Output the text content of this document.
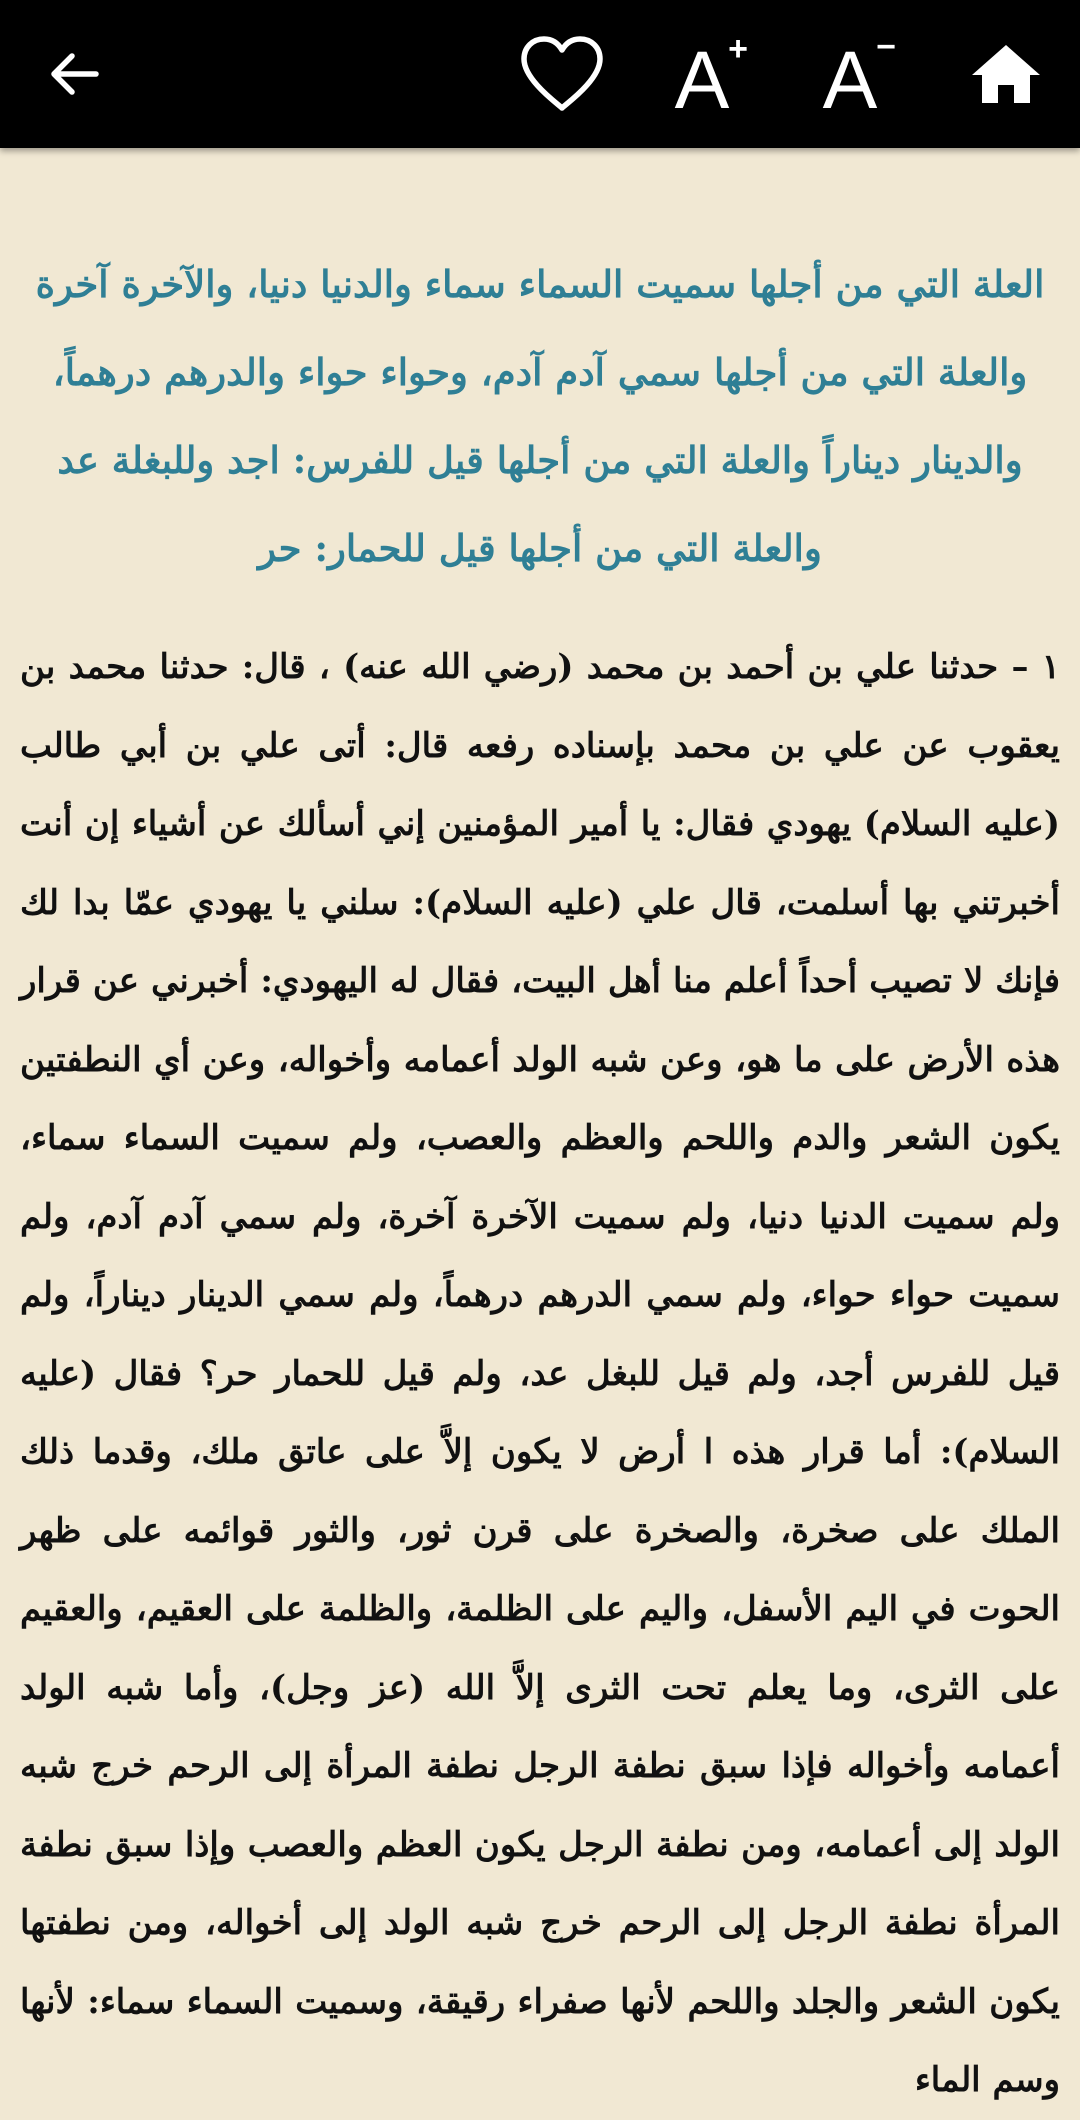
A
+ A
−
العلة التي من أجلها سميت السماء سماء والدنيا دنيا، والآخرة آخرة والعلة التي من أجلها سمي آدم آدم، وحواء حواء والدرهم درهماً، والدينار ديناراً والعلة التي من أجلها قيل للفرس: اجد وللبغلة عد والعلة التي من أجلها قيل للحمار: حر

١ – حدثنا علي بن أحمد بن محمد (رضي الله عنه) ، قال: حدثنا محمد بن يعقوب عن علي بن محمد بإسناده رفعه قال: أتى علي بن أبي طالب (عليه السلام) يهودي فقال: يا أمير المؤمنين إني أسألك عن أشياء إن أنت أخبرتني بها أسلمت، قال علي (عليه السلام): سلني يا يهودي عمّا بدا لك فإنك لا تصيب أحداً أعلم منا أهل البيت، فقال له اليهودي: أخبرني عن قرار هذه الأرض على ما هو، وعن شبه الولد أعمامه وأخواله، وعن أي النطفتين يكون الشعر والدم واللحم والعظم والعصب، ولم سميت السماء سماء، ولم سميت الدنيا دنيا، ولم سميت الآخرة آخرة، ولم سمي آدم آدم، ولم سميت حواء حواء، ولم سمي الدرهم درهماً، ولم سمي الدينار ديناراً، ولم قيل للفرس أجد، ولم قيل للبغل عد، ولم قيل للحمار حر؟ فقال (عليه السلام): أما قرار هذه ا أرض لا يكون إلاَّ على عاتق ملك، وقدما ذلك الملك على صخرة، والصخرة على قرن ثور، والثور قوائمه على ظهر الحوت في اليم الأسفل، واليم على الظلمة، والظلمة على العقيم، والعقيم على الثرى، وما يعلم تحت الثرى إلاَّ الله (عز وجل)، وأما شبه الولد أعمامه وأخواله فإذا سبق نطفة الرجل نطفة المرأة إلى الرحم خرج شبه الولد إلى أعمامه، ومن نطفة الرجل يكون العظم والعصب وإذا سبق نطفة المرأة نطفة الرجل إلى الرحم خرج شبه الولد إلى أخواله، ومن نطفتها يكون الشعر والجلد واللحم لأنها صفراء رقيقة، وسميت السماء سماء: لأنها وسم الماء
